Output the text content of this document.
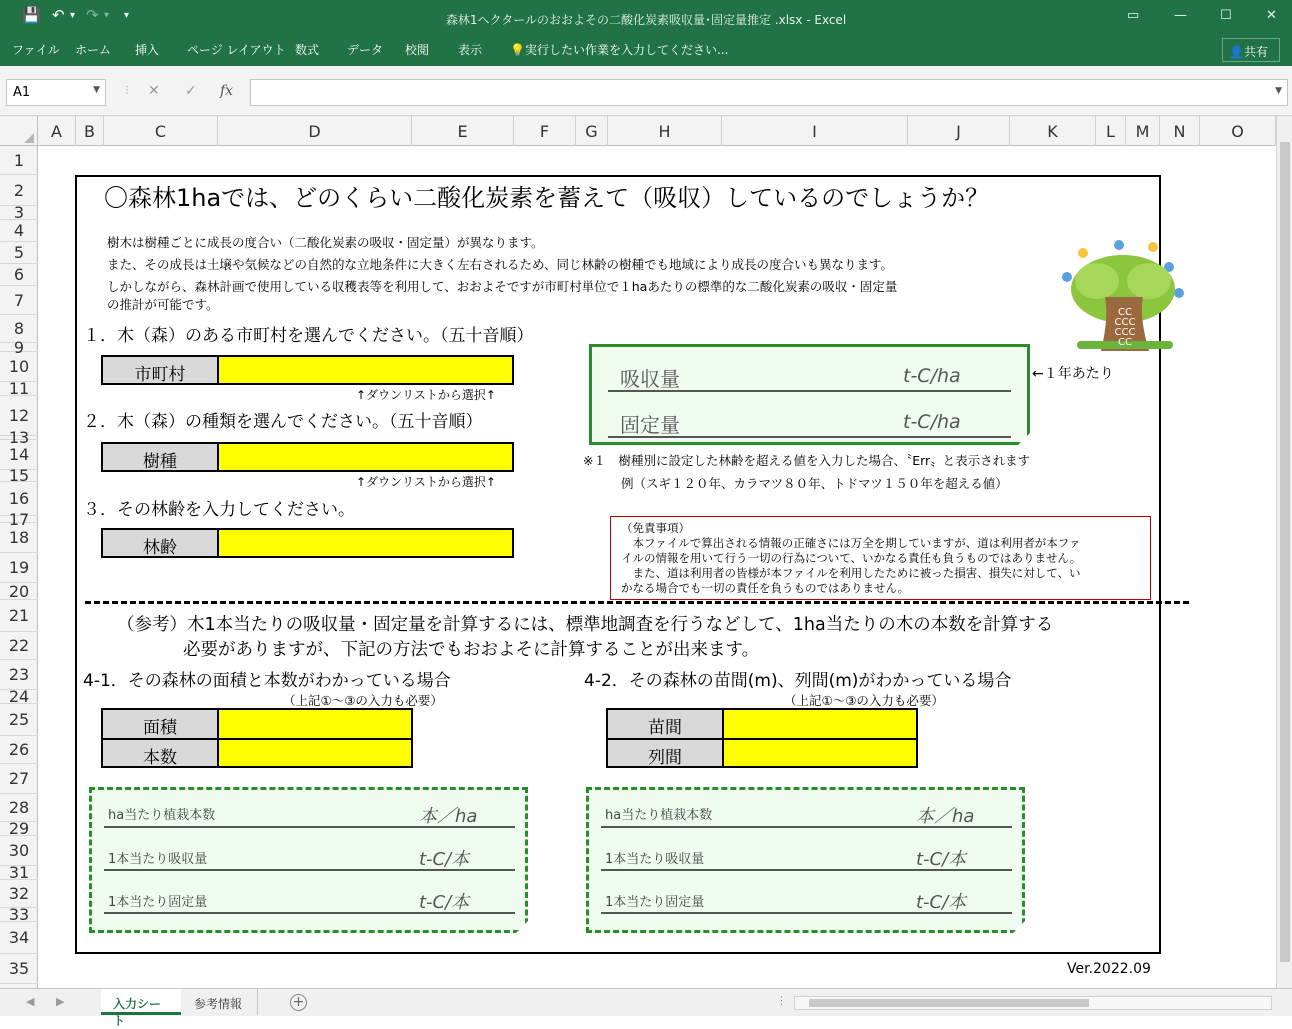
💾 ↶ ▾ ↷ ▾ ▾	森林1ヘクタールのおおよその二酸化炭素吸収量･固定量推定 .xlsx - Excel	▭	—	☐	✕
ファイル ホーム 挿入 ページ レイアウト 数式 データ 校閲 表示 💡実行したい作業を入力してください...	👤共有
A1	▼ ⋮ ✕ ✓ fx	▼
A	B	C	D	E	F	G	H	I	J	K	L	M	N	O
1
2
3
4
5
6
7
8
9
10
11
12
13
14
15
16
17
18
19
20
21
22
23
24
25
26
27
28
29
30
31
32
33
34
35
〇森林1haでは、どのくらい二酸化炭素を蓄えて（吸収）しているのでしょうか？
樹木は樹種ごとに成長の度合い（二酸化炭素の吸収・固定量）が異なります。
また、その成長は土壌や気候などの自然的な立地条件に大きく左右されるため、同じ林齢の樹種でも地域により成長の度合いも異なります。
しかしながら、森林計画で使用している収穫表等を利用して、おおよそですが市町村単位で１haあたりの標準的な二酸化炭素の吸収・固定量
の推計が可能です。
CC
CCC
CCC
CC
１．木（森）のある市町村を選んでください。（五十音順）
市町村
↑ダウンリストから選択↑
２．木（森）の種類を選んでください。（五十音順）
樹種
↑ダウンリストから選択↑
３．その林齢を入力してください。
林齢
吸収量	t-C/ha
固定量	t-C/ha
←１年あたり
※１　樹種別に設定した林齢を超える値を入力した場合、〝Err〟と表示されます
例（スギ１２０年、カラマツ８０年、トドマツ１５０年を超える値）
（免責事項）
　本ファイルで算出される情報の正確さには万全を期していますが、道は利用者が本ファ
イルの情報を用いて行う一切の行為について、いかなる責任も負うものではありません。
　また、道は利用者の皆様が本ファイルを利用したために被った損害、損失に対して、い
かなる場合でも一切の責任を負うものではありません。
（参考）木1本当たりの吸収量・固定量を計算するには、標準地調査を行うなどして、1ha当たりの木の本数を計算する
必要がありますが、下記の方法でもおおよそに計算することが出来ます。
4-1．その森林の面積と本数がわかっている場合
（上記①～③の入力も必要）
面積
本数
ha当たり植栽本数	本／ha
1本当たり吸収量	t-C/本
1本当たり固定量	t-C/本
4-2．その森林の苗間(m)、列間(m)がわかっている場合
（上記①～③の入力も必要）
苗間
列間
ha当たり植栽本数	本／ha
1本当たり吸収量	t-C/本
1本当たり固定量	t-C/本
Ver.2022.09
◀ ▶	入力シート
参考情報	+	⋮
